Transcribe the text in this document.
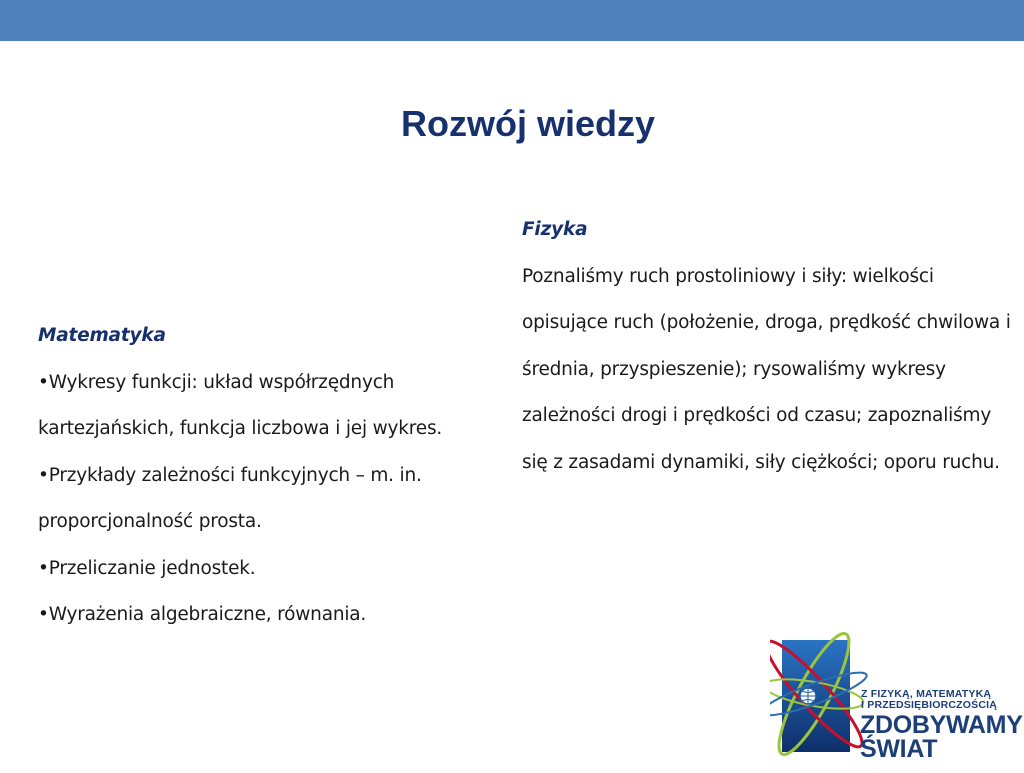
Rozwój wiedzy
Matematyka
•Wykresy funkcji: układ współrzędnych kartezjańskich, funkcja liczbowa i jej wykres.
•Przykłady zależności funkcyjnych – m. in. proporcjonalność prosta.
•Przeliczanie jednostek.
•Wyrażenia algebraiczne, równania.
Fizyka

Poznaliśmy ruch prostoliniowy i siły: wielkości opisujące ruch (położenie, droga, prędkość chwilowa i średnia, przyspieszenie); rysowaliśmy wykresy zależności drogi i prędkości od czasu; zapoznaliśmy się z zasadami dynamiki, siły ciężkości; oporu ruchu.

Z FIZYKĄ, MATEMATYKĄ
I PRZEDSIĘBIORCZOŚCIĄ
ZDOBYWAMY
ŚWIAT
